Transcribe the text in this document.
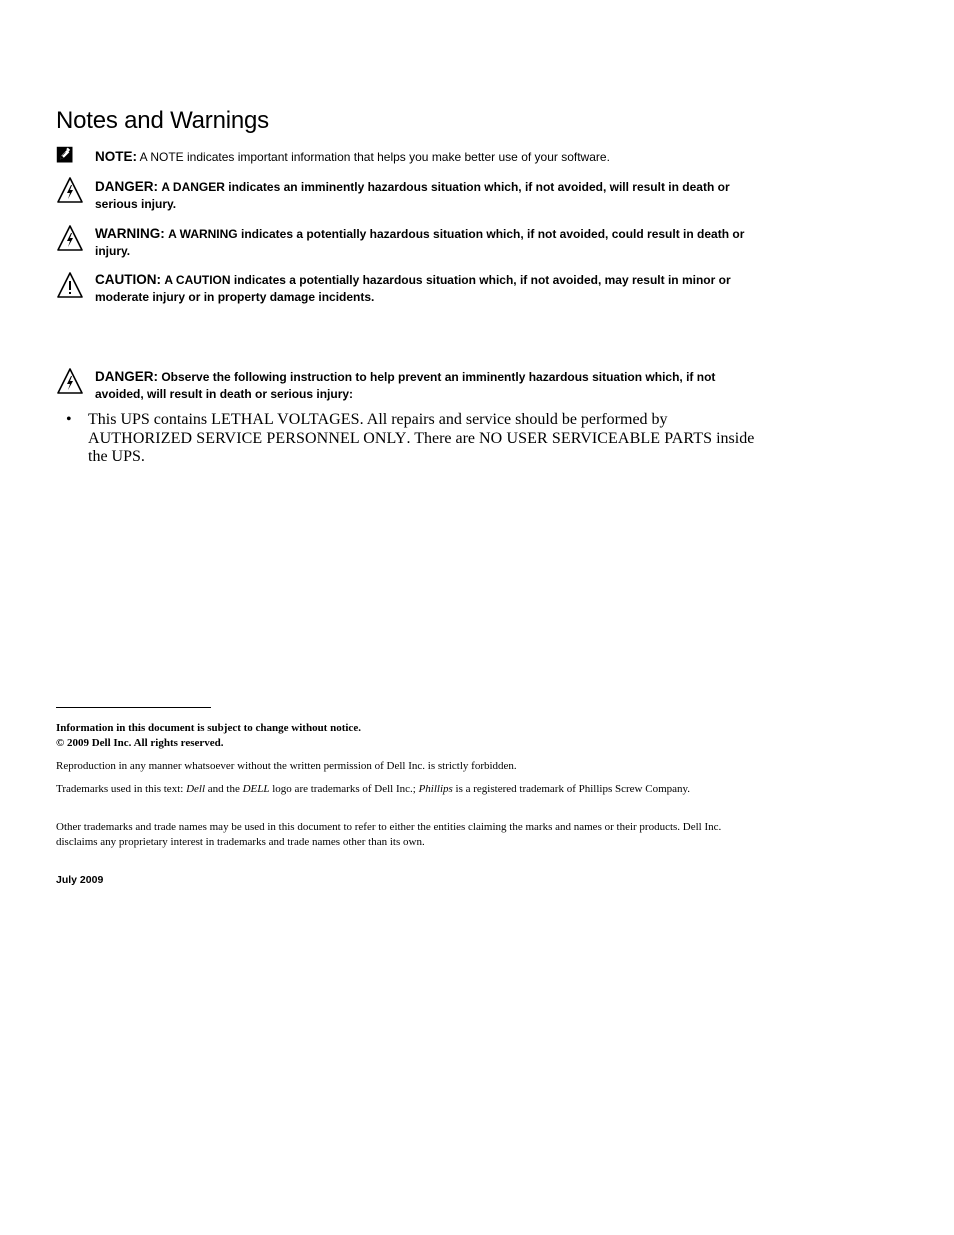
Notes and Warnings
NOTE: A NOTE indicates important information that helps you make better use of your software.
DANGER: A DANGER indicates an imminently hazardous situation which, if not avoided, will result in death or serious injury.
WARNING: A WARNING indicates a potentially hazardous situation which, if not avoided, could result in death or injury.
CAUTION: A CAUTION indicates a potentially hazardous situation which, if not avoided, may result in minor or moderate injury or in property damage incidents.
DANGER: Observe the following instruction to help prevent an imminently hazardous situation which, if not avoided, will result in death or serious injury:
• This UPS contains LETHAL VOLTAGES. All repairs and service should be performed by AUTHORIZED SERVICE PERSONNEL ONLY. There are NO USER SERVICEABLE PARTS inside the UPS.

Information in this document is subject to change without notice.

© 2009 Dell Inc. All rights reserved.

Reproduction in any manner whatsoever without the written permission of Dell Inc. is strictly forbidden.

Trademarks used in this text: Dell and the DELL logo are trademarks of Dell Inc.; Phillips is a registered trademark of Phillips Screw Company.

Other trademarks and trade names may be used in this document to refer to either the entities claiming the marks and names or their products. Dell Inc. disclaims any proprietary interest in trademarks and trade names other than its own.

July 2009
